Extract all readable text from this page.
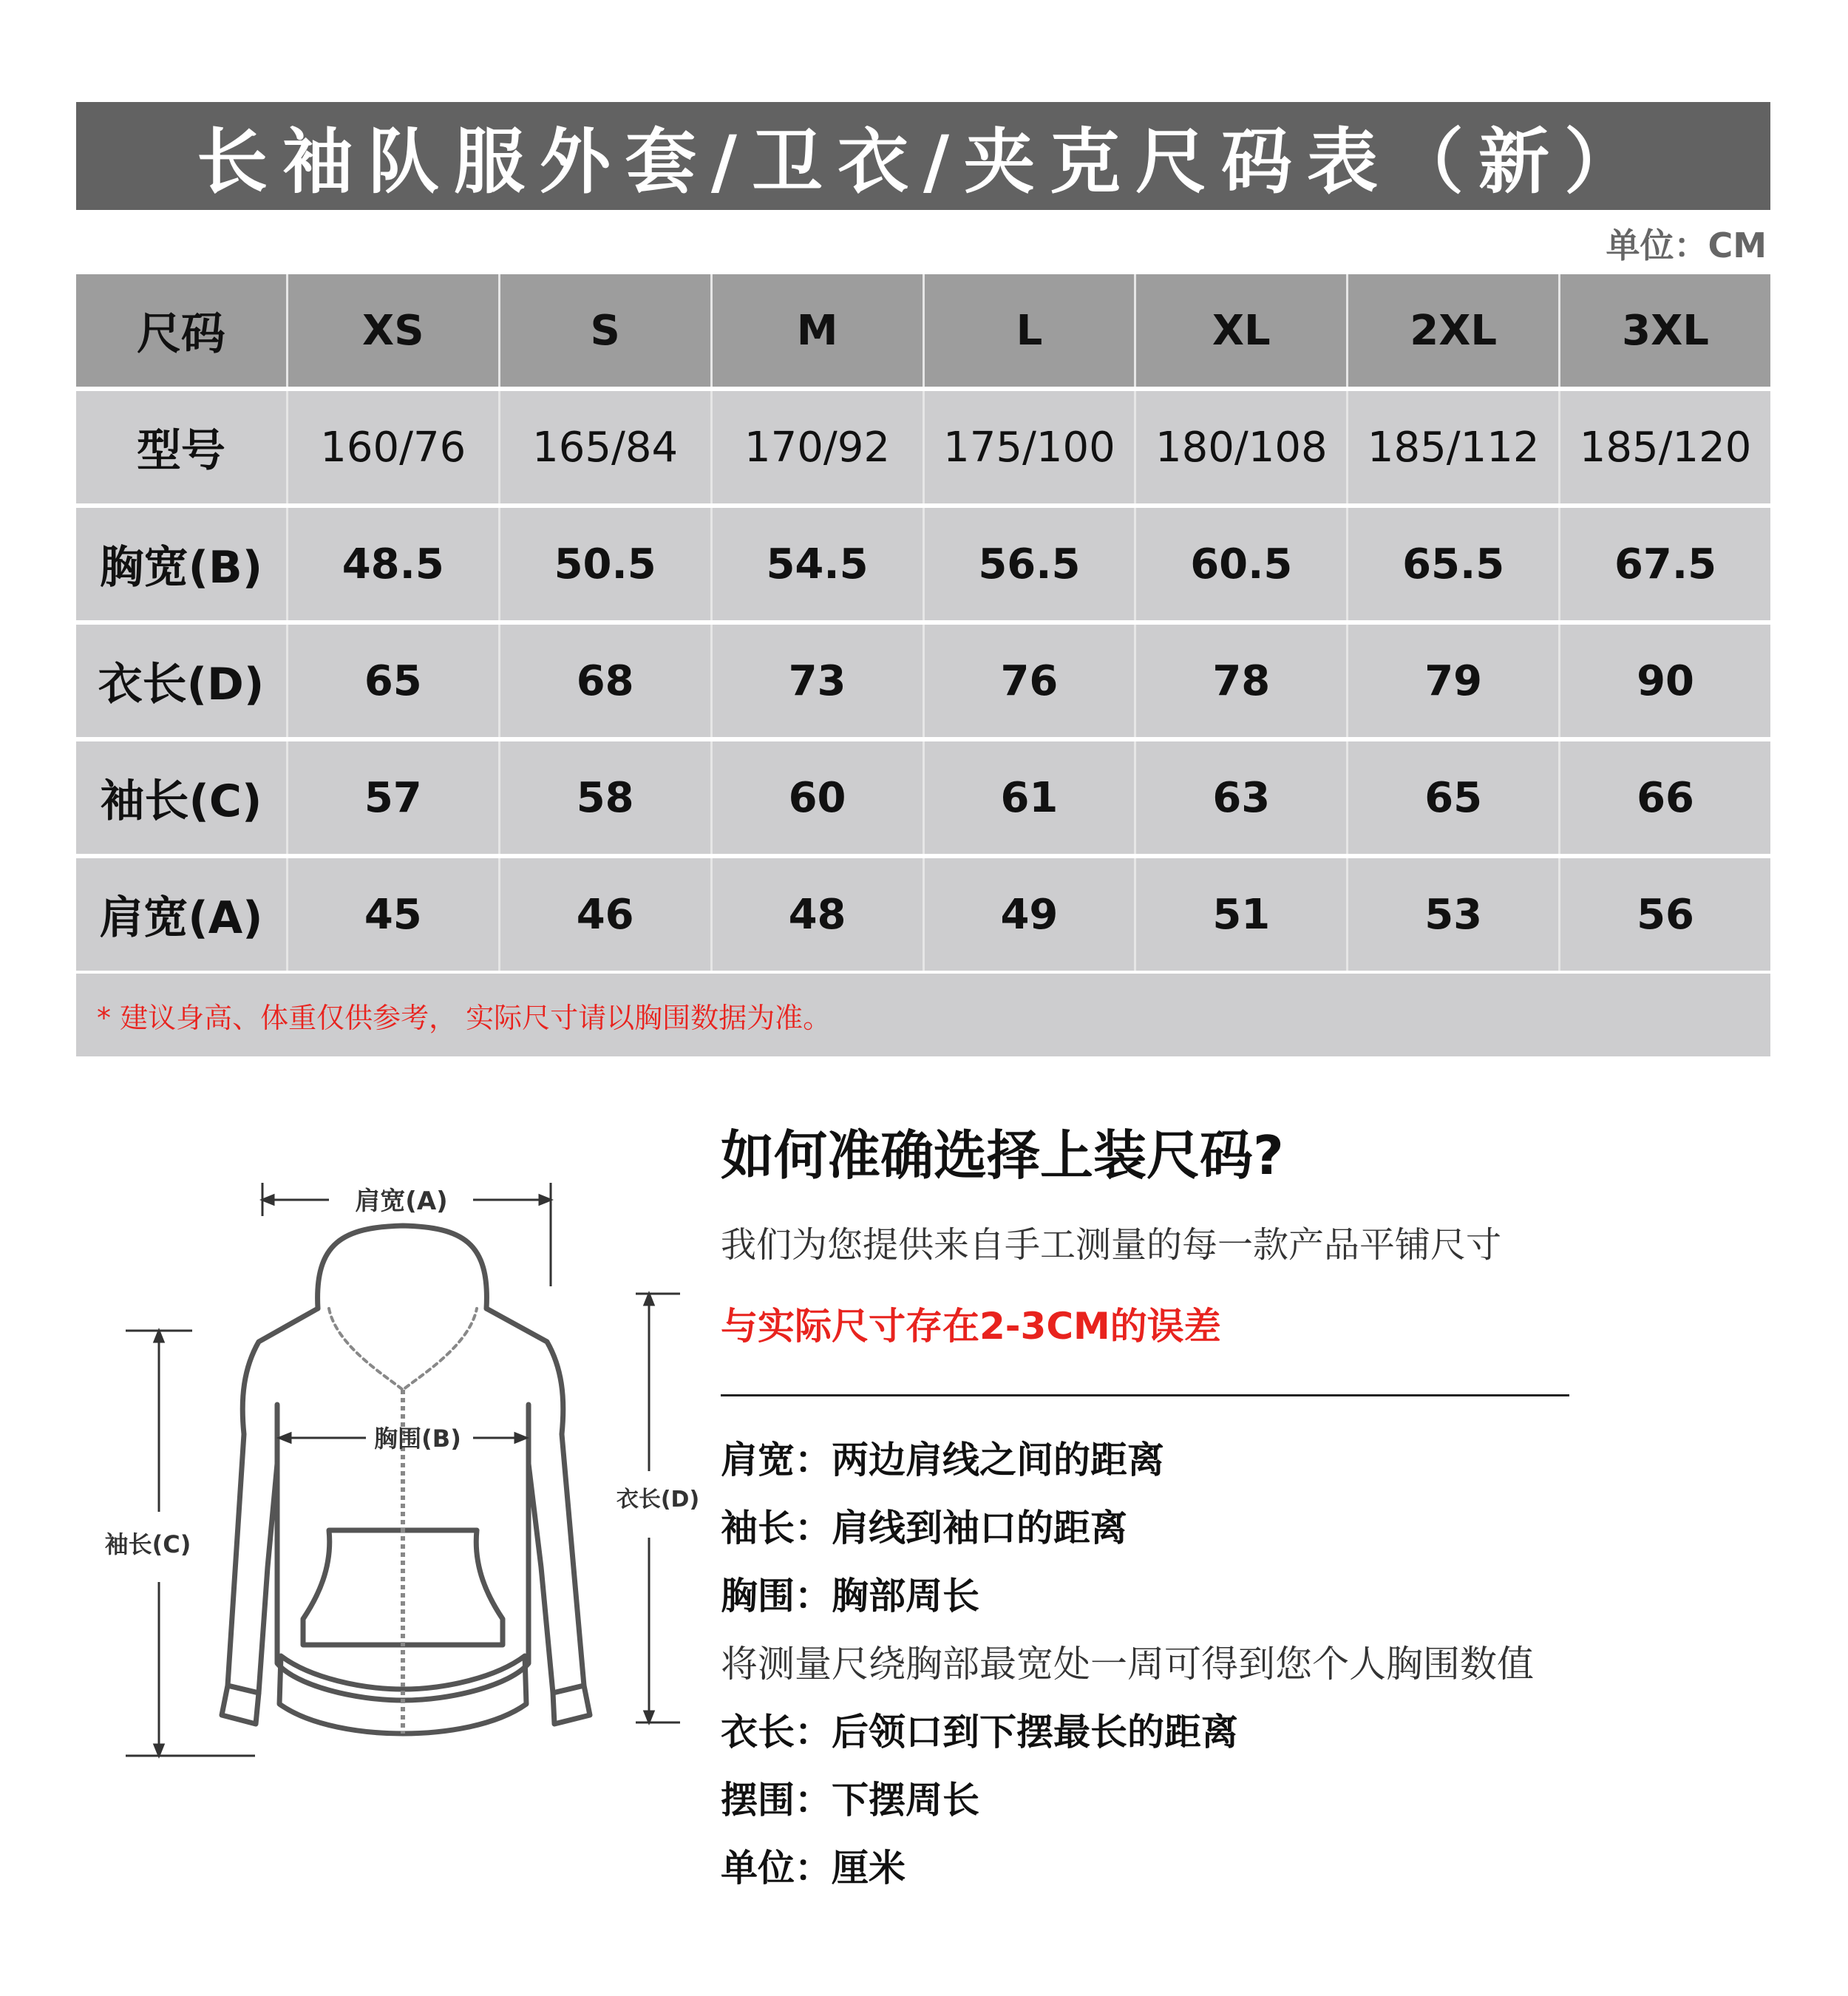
长袖队服外套/卫衣/夹克尺码表（新）
单位：CM
尺码	XS	S	M	L	XL	2XL	3XL
型号	160/76	165/84	170/92	175/100 180/108 185/112 185/120
胸宽(B)	48.5	50.5	54.5	56.5	60.5	65.5	67.5
衣长(D)	65	68	73	76	78	79	90
袖长(C)	57	58	60	61	63	65	66
肩宽(A)	45	46	48	49	51	53	56
* 建议身高、体重仅供参考， 实际尺寸请以胸围数据为准。
肩宽(A)
胸围(B)
衣长(D)
袖长(C)
如何准确选择上装尺码?
我们为您提供来自手工测量的每一款产品平铺尺寸
与实际尺寸存在2-3CM的误差
肩宽：两边肩线之间的距离
袖长：肩线到袖口的距离
胸围：胸部周长
将测量尺绕胸部最宽处一周可得到您个人胸围数值
衣长：后领口到下摆最长的距离
摆围：下摆周长
单位：厘米
